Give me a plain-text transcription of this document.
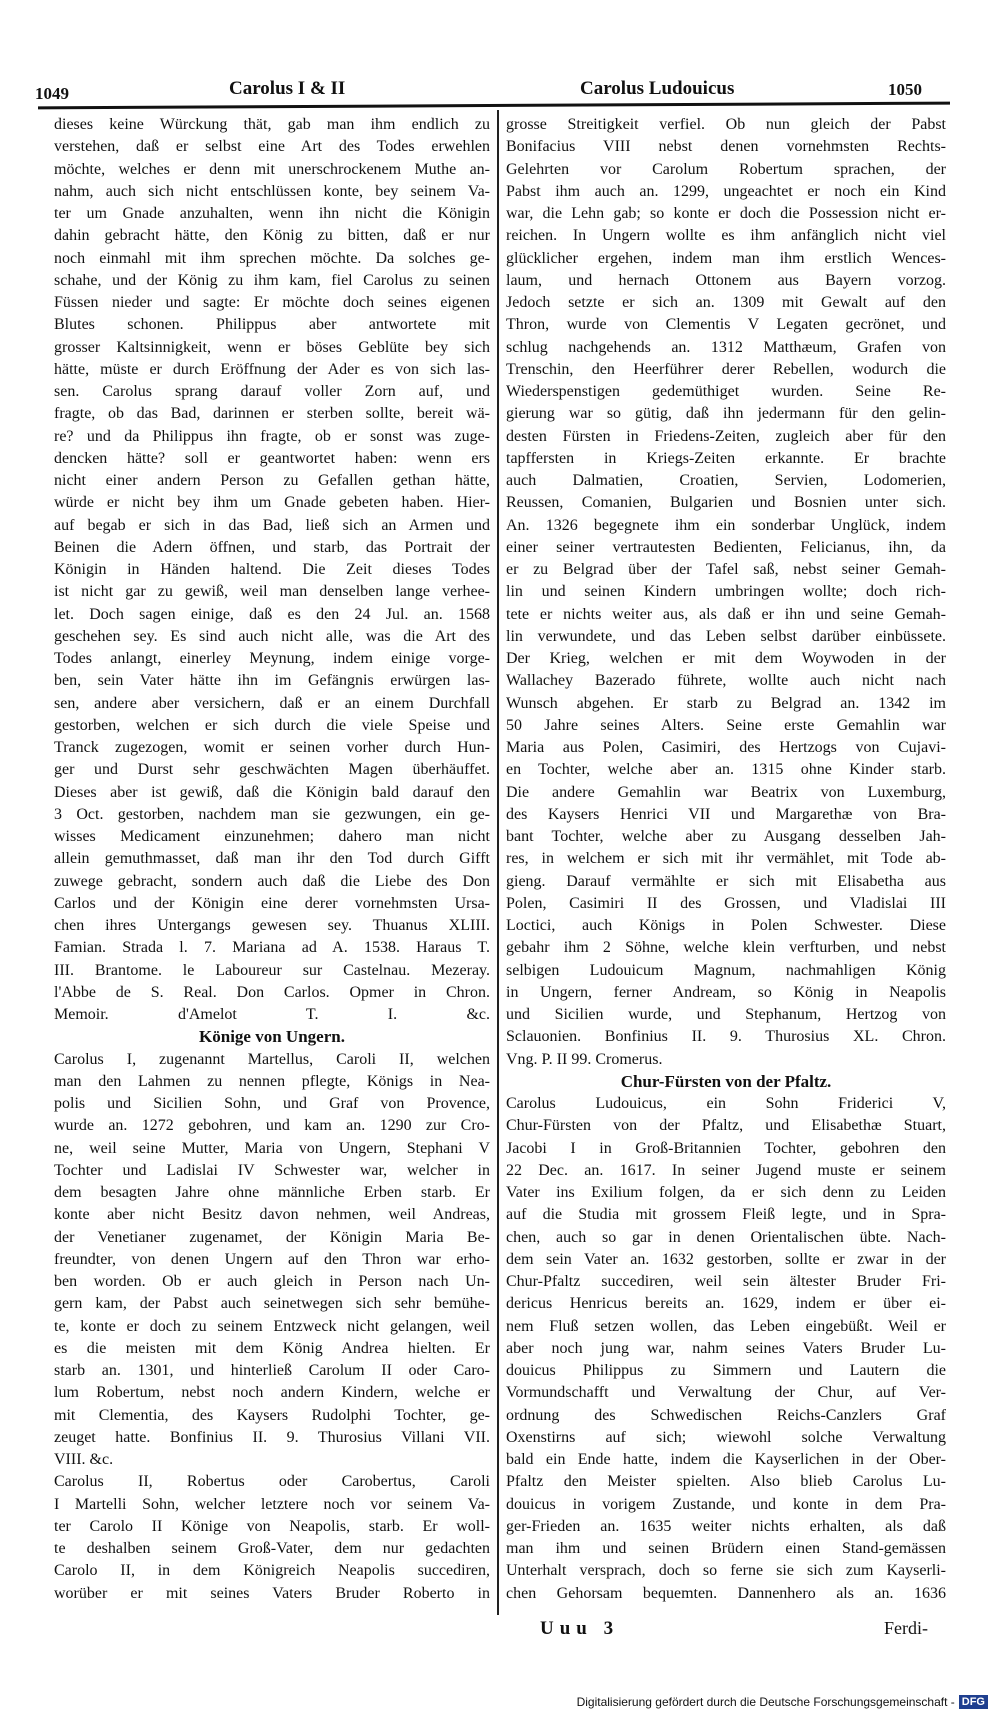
1049	Carolus I & II	Carolus Ludouicus	1050
dieses keine Würckung thät, gab man ihm endlich zu
verstehen, daß er selbst eine Art des Todes erwehlen
möchte, welches er denn mit unerschrockenem Muthe an-
nahm, auch sich nicht entschlüssen konte, bey seinem Va-
ter um Gnade anzuhalten, wenn ihn nicht die Königin
dahin gebracht hätte, den König zu bitten, daß er nur
noch einmahl mit ihm sprechen möchte. Da solches ge-
schahe, und der König zu ihm kam, fiel Carolus zu seinen
Füssen nieder und sagte: Er möchte doch seines eigenen
Blutes schonen. Philippus aber antwortete mit
grosser Kaltsinnigkeit, wenn er böses Geblüte bey sich
hätte, müste er durch Eröffnung der Ader es von sich las-
sen. Carolus sprang darauf voller Zorn auf, und
fragte, ob das Bad, darinnen er sterben sollte, bereit wä-
re? und da Philippus ihn fragte, ob er sonst was zuge-
dencken hätte? soll er geantwortet haben: wenn ers
nicht einer andern Person zu Gefallen gethan hätte,
würde er nicht bey ihm um Gnade gebeten haben. Hier-
auf begab er sich in das Bad, ließ sich an Armen und
Beinen die Adern öffnen, und starb, das Portrait der
Königin in Händen haltend. Die Zeit dieses Todes
ist nicht gar zu gewiß, weil man denselben lange verhee-
let. Doch sagen einige, daß es den 24 Jul. an. 1568
geschehen sey. Es sind auch nicht alle, was die Art des
Todes anlangt, einerley Meynung, indem einige vorge-
ben, sein Vater hätte ihn im Gefängnis erwürgen las-
sen, andere aber versichern, daß er an einem Durchfall
gestorben, welchen er sich durch die viele Speise und
Tranck zugezogen, womit er seinen vorher durch Hun-
ger und Durst sehr geschwächten Magen überhäuffet.
Dieses aber ist gewiß, daß die Königin bald darauf den
3 Oct. gestorben, nachdem man sie gezwungen, ein ge-
wisses Medicament einzunehmen; dahero man nicht
allein gemuthmasset, daß man ihr den Tod durch Gifft
zuwege gebracht, sondern auch daß die Liebe des Don
Carlos und der Königin eine derer vornehmsten Ursa-
chen ihres Untergangs gewesen sey. Thuanus XLIII.
Famian. Strada l. 7. Mariana ad A. 1538. Haraus T.
III. Brantome. le Laboureur sur Castelnau. Mezeray.
l'Abbe de S. Real. Don Carlos. Opmer in Chron.
Memoir. d'Amelot T. I. &c.
Könige von Ungern.
Carolus I, zugenannt Martellus, Caroli II, welchen
man den Lahmen zu nennen pflegte, Königs in Nea-
polis und Sicilien Sohn, und Graf von Provence,
wurde an. 1272 gebohren, und kam an. 1290 zur Cro-
ne, weil seine Mutter, Maria von Ungern, Stephani V
Tochter und Ladislai IV Schwester war, welcher in
dem besagten Jahre ohne männliche Erben starb. Er
konte aber nicht Besitz davon nehmen, weil Andreas,
der Venetianer zugenamet, der Königin Maria Be-
freundter, von denen Ungern auf den Thron war erho-
ben worden. Ob er auch gleich in Person nach Un-
gern kam, der Pabst auch seinetwegen sich sehr bemühe-
te, konte er doch zu seinem Entzweck nicht gelangen, weil
es die meisten mit dem König Andrea hielten. Er
starb an. 1301, und hinterließ Carolum II oder Caro-
lum Robertum, nebst noch andern Kindern, welche er
mit Clementia, des Kaysers Rudolphi Tochter, ge-
zeuget hatte. Bonfinius II. 9. Thurosius Villani VII.
VIII. &c.
Carolus II, Robertus oder Carobertus, Caroli
I Martelli Sohn, welcher letztere noch vor seinem Va-
ter Carolo II Könige von Neapolis, starb. Er woll-
te deshalben seinem Groß-Vater, dem nur gedachten
Carolo II, in dem Königreich Neapolis succediren,
worüber er mit seines Vaters Bruder Roberto in
grosse Streitigkeit verfiel. Ob nun gleich der Pabst
Bonifacius VIII nebst denen vornehmsten Rechts-
Gelehrten vor Carolum Robertum sprachen, der
Pabst ihm auch an. 1299, ungeachtet er noch ein Kind
war, die Lehn gab; so konte er doch die Possession nicht er-
reichen. In Ungern wollte es ihm anfänglich nicht viel
glücklicher ergehen, indem man ihm erstlich Wences-
laum, und hernach Ottonem aus Bayern vorzog.
Jedoch setzte er sich an. 1309 mit Gewalt auf den
Thron, wurde von Clementis V Legaten gecrönet, und
schlug nachgehends an. 1312 Matthæum, Grafen von
Trenschin, den Heerführer derer Rebellen, wodurch die
Wiederspenstigen gedemüthiget wurden. Seine Re-
gierung war so gütig, daß ihn jedermann für den gelin-
desten Fürsten in Friedens-Zeiten, zugleich aber für den
tapffersten in Kriegs-Zeiten erkannte. Er brachte
auch Dalmatien, Croatien, Servien, Lodomerien,
Reussen, Comanien, Bulgarien und Bosnien unter sich.
An. 1326 begegnete ihm ein sonderbar Unglück, indem
einer seiner vertrautesten Bedienten, Felicianus, ihn, da
er zu Belgrad über der Tafel saß, nebst seiner Gemah-
lin und seinen Kindern umbringen wollte; doch rich-
tete er nichts weiter aus, als daß er ihn und seine Gemah-
lin verwundete, und das Leben selbst darüber einbüssete.
Der Krieg, welchen er mit dem Woywoden in der
Wallachey Bazerado führete, wollte auch nicht nach
Wunsch abgehen. Er starb zu Belgrad an. 1342 im
50 Jahre seines Alters. Seine erste Gemahlin war
Maria aus Polen, Casimiri, des Hertzogs von Cujavi-
en Tochter, welche aber an. 1315 ohne Kinder starb.
Die andere Gemahlin war Beatrix von Luxemburg,
des Kaysers Henrici VII und Margarethæ von Bra-
bant Tochter, welche aber zu Ausgang desselben Jah-
res, in welchem er sich mit ihr vermählet, mit Tode ab-
gieng. Darauf vermählte er sich mit Elisabetha aus
Polen, Casimiri II des Grossen, und Vladislai III
Loctici, auch Königs in Polen Schwester. Diese
gebahr ihm 2 Söhne, welche klein verfturben, und nebst
selbigen Ludouicum Magnum, nachmahligen König
in Ungern, ferner Andream, so König in Neapolis
und Sicilien wurde, und Stephanum, Hertzog von
Sclauonien. Bonfinius II. 9. Thurosius XL. Chron.
Vng. P. II 99. Cromerus.
Chur-Fürsten von der Pfaltz.
Carolus Ludouicus, ein Sohn Friderici V,
Chur-Fürsten von der Pfaltz, und Elisabethæ Stuart,
Jacobi I in Groß-Britannien Tochter, gebohren den
22 Dec. an. 1617. In seiner Jugend muste er seinem
Vater ins Exilium folgen, da er sich denn zu Leiden
auf die Studia mit grossem Fleiß legte, und in Spra-
chen, auch so gar in denen Orientalischen übte. Nach-
dem sein Vater an. 1632 gestorben, sollte er zwar in der
Chur-Pfaltz succediren, weil sein ältester Bruder Fri-
dericus Henricus bereits an. 1629, indem er über ei-
nem Fluß setzen wollen, das Leben eingebüßt. Weil er
aber noch jung war, nahm seines Vaters Bruder Lu-
douicus Philippus zu Simmern und Lautern die
Vormundschafft und Verwaltung der Chur, auf Ver-
ordnung des Schwedischen Reichs-Canzlers Graf
Oxenstirns auf sich; wiewohl solche Verwaltung
bald ein Ende hatte, indem die Kayserlichen in der Ober-
Pfaltz den Meister spielten. Also blieb Carolus Lu-
douicus in vorigem Zustande, und konte in dem Pra-
ger-Frieden an. 1635 weiter nichts erhalten, als daß
man ihm und seinen Brüdern einen Stand-gemässen
Unterhalt versprach, doch so ferne sie sich zum Kayserli-
chen Gehorsam bequemten. Dannenhero als an. 1636
Uuu 3	Ferdi-
Digitalisierung gefördert durch die Deutsche Forschungsgemeinschaft - DFG
